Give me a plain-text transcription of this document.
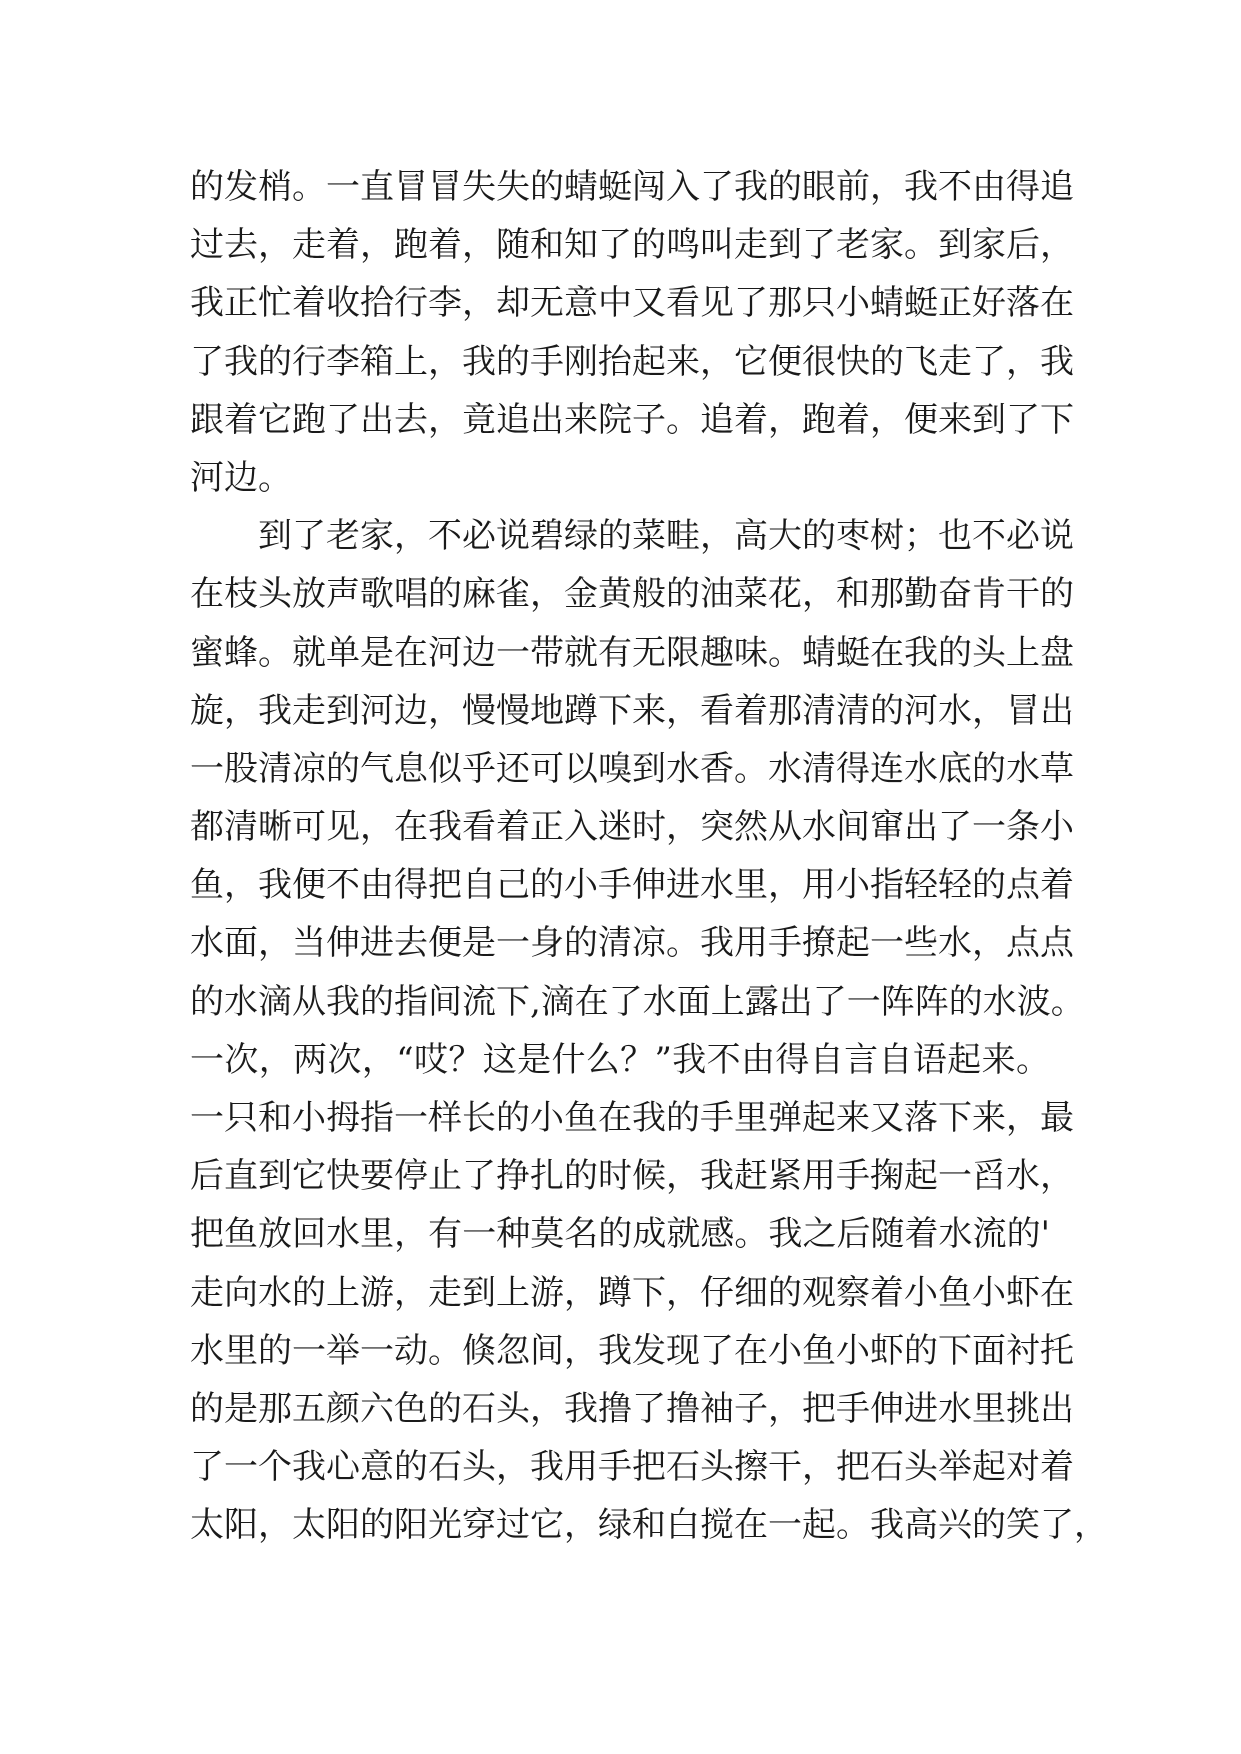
的发梢。一直冒冒失失的蜻蜓闯入了我的眼前，我不由得追
过去，走着，跑着，随和知了的鸣叫走到了老家。到家后，
我正忙着收拾行李，却无意中又看见了那只小蜻蜓正好落在
了我的行李箱上，我的手刚抬起来，它便很快的飞走了，我
跟着它跑了出去，竟追出来院子。追着，跑着，便来到了下
河边。
到了老家，不必说碧绿的菜畦，高大的枣树；也不必说
在枝头放声歌唱的麻雀，金黄般的油菜花，和那勤奋肯干的
蜜蜂。就单是在河边一带就有无限趣味。蜻蜓在我的头上盘
旋，我走到河边，慢慢地蹲下来，看着那清清的河水，冒出
一股清凉的气息似乎还可以嗅到水香。水清得连水底的水草
都清晰可见，在我看着正入迷时，突然从水间窜出了一条小
鱼，我便不由得把自己的小手伸进水里，用小指轻轻的点着
水面，当伸进去便是一身的清凉。我用手撩起一些水，点点
的水滴从我的指间流下,滴在了水面上露出了一阵阵的水波。
一次，两次，“哎？这是什么？”我不由得自言自语起来。
一只和小拇指一样长的小鱼在我的手里弹起来又落下来，最
后直到它快要停止了挣扎的时候，我赶紧用手掬起一舀水，
把鱼放回水里，有一种莫名的成就感。我之后随着水流的'
走向水的上游，走到上游，蹲下，仔细的观察着小鱼小虾在
水里的一举一动。倏忽间，我发现了在小鱼小虾的下面衬托
的是那五颜六色的石头，我撸了撸袖子，把手伸进水里挑出
了一个我心意的石头，我用手把石头擦干，把石头举起对着
太阳，太阳的阳光穿过它，绿和白搅在一起。我高兴的笑了，
